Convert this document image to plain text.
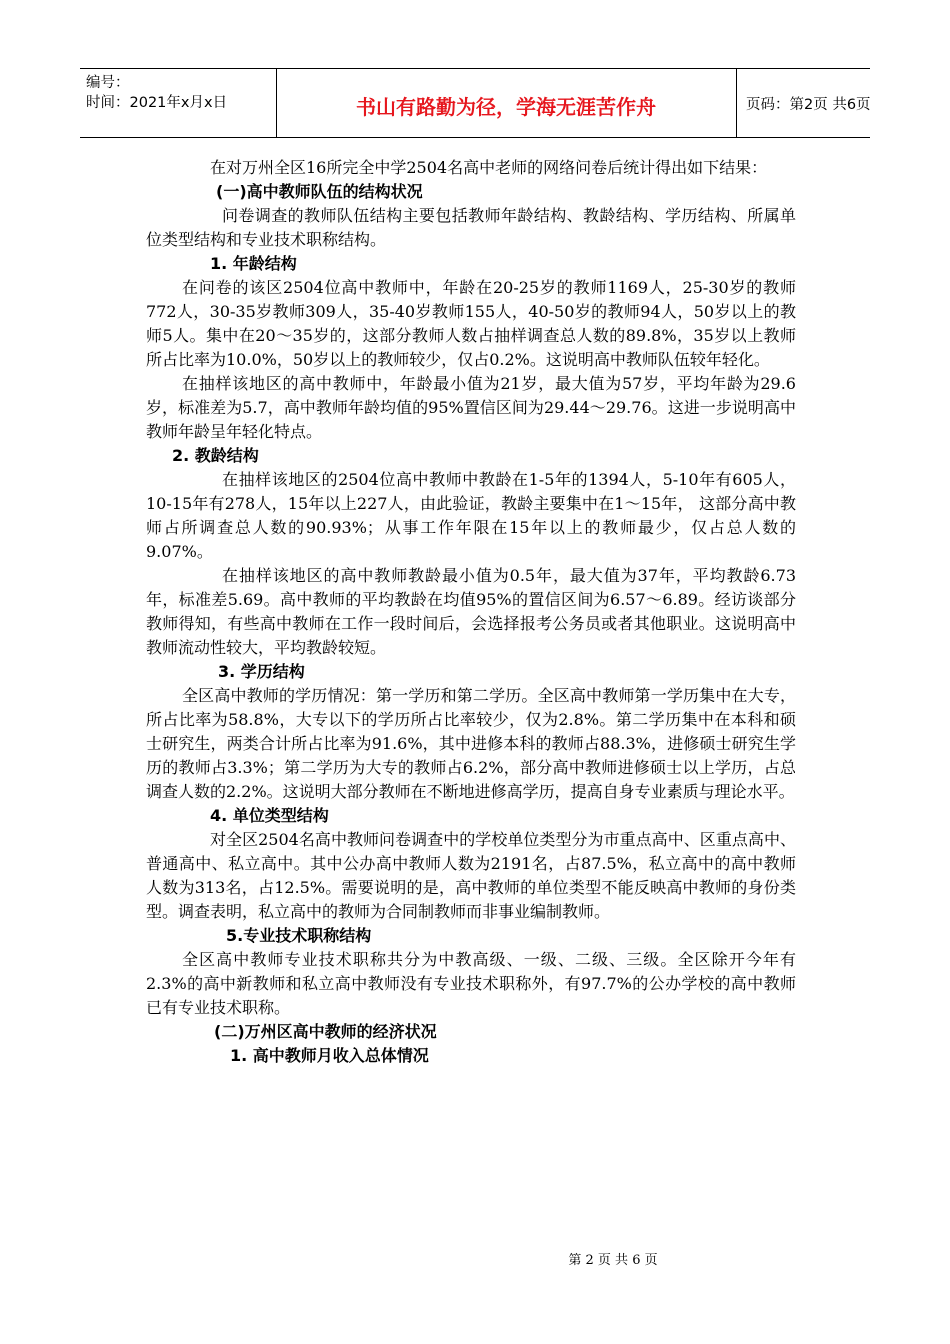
编号：
时间：2021年x月x日	书山有路勤为径，学海无涯苦作舟	页码：第2页 共6页

在对万州全区16所完全中学2504名高中老师的网络问卷后统计得出如下结果：

(一)高中教师队伍的结构状况

问卷调查的教师队伍结构主要包括教师年龄结构、教龄结构、学历结构、所属单位类型结构和专业技术职称结构。

1. 年龄结构

在问卷的该区2504位高中教师中，年龄在20-25岁的教师1169人，25-30岁的教师772人，30-35岁教师309人，35-40岁教师155人，40-50岁的教师94人，50岁以上的教师5人。集中在20～35岁的，这部分教师人数占抽样调查总人数的89.8%，35岁以上教师所占比率为10.0%，50岁以上的教师较少，仅占0.2%。这说明高中教师队伍较年轻化。

在抽样该地区的高中教师中，年龄最小值为21岁，最大值为57岁，平均年龄为29.6岁，标准差为5.7，高中教师年龄均值的95%置信区间为29.44～29.76。这进一步说明高中教师年龄呈年轻化特点。

2. 教龄结构

在抽样该地区的2504位高中教师中教龄在1-5年的1394人，5-10年有605人，10-15年有278人，15年以上227人，由此验证，教龄主要集中在1～15年， 这部分高中教师占所调查总人数的90.93%；从事工作年限在15年以上的教师最少，仅占总人数的9.07%。

在抽样该地区的高中教师教龄最小值为0.5年，最大值为37年，平均教龄6.73年，标准差5.69。高中教师的平均教龄在均值95%的置信区间为6.57～6.89。经访谈部分教师得知，有些高中教师在工作一段时间后，会选择报考公务员或者其他职业。这说明高中教师流动性较大，平均教龄较短。

3. 学历结构

全区高中教师的学历情况：第一学历和第二学历。全区高中教师第一学历集中在大专，所占比率为58.8%，大专以下的学历所占比率较少，仅为2.8%。第二学历集中在本科和硕士研究生，两类合计所占比率为91.6%，其中进修本科的教师占88.3%，进修硕士研究生学历的教师占3.3%；第二学历为大专的教师占6.2%，部分高中教师进修硕士以上学历，占总调查人数的2.2%。这说明大部分教师在不断地进修高学历，提高自身专业素质与理论水平。

4. 单位类型结构

对全区2504名高中教师问卷调查中的学校单位类型分为市重点高中、区重点高中、普通高中、私立高中。其中公办高中教师人数为2191名，占87.5%，私立高中的高中教师人数为313名，占12.5%。需要说明的是，高中教师的单位类型不能反映高中教师的身份类型。调查表明，私立高中的教师为合同制教师而非事业编制教师。

5.专业技术职称结构

全区高中教师专业技术职称共分为中教高级、一级、二级、三级。全区除开今年有2.3%的高中新教师和私立高中教师没有专业技术职称外，有97.7%的公办学校的高中教师已有专业技术职称。

(二)万州区高中教师的经济状况

1. 高中教师月收入总体情况

第 2 页 共 6 页
